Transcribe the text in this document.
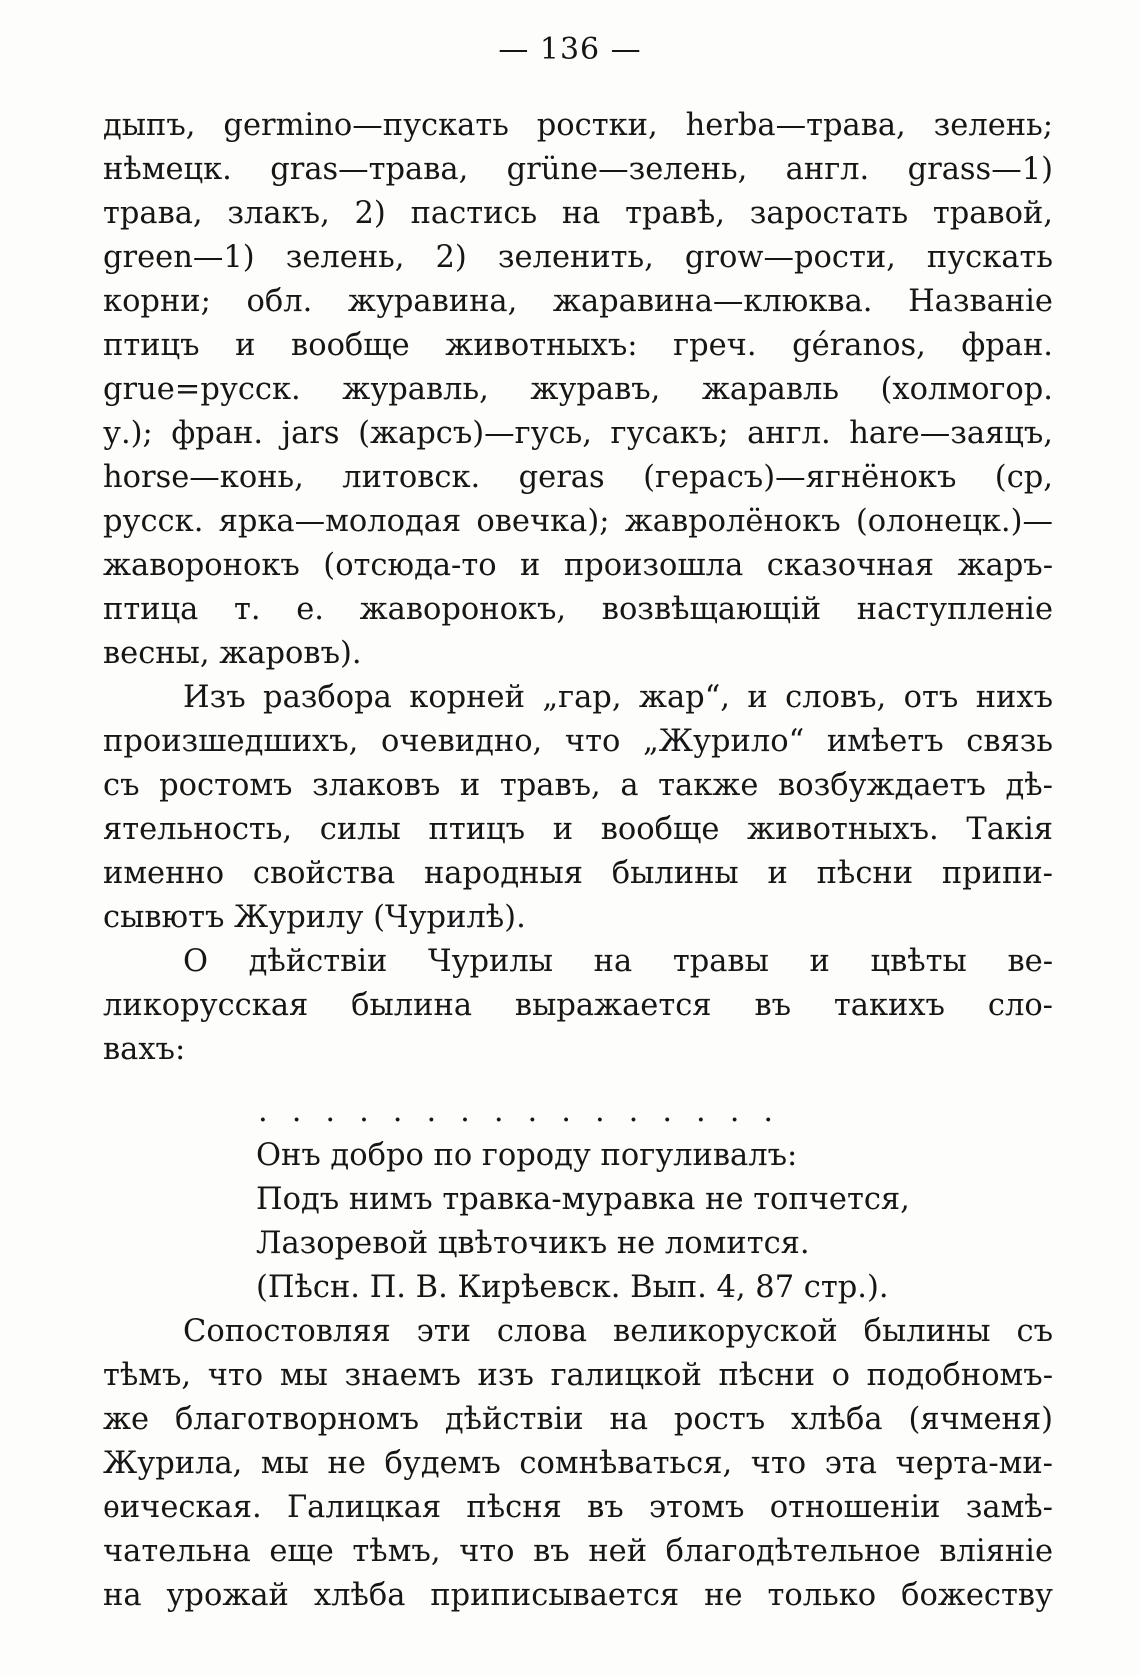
— 136 —
дыпъ, germino—пускать ростки, herba—трава, зелень;
нѣмецк. gras—трава, grüne—зелень, англ. grass—1)
трава, злакъ, 2) пастись на травѣ, заростать травой,
green—1) зелень, 2) зеленить, grow—рости, пускать
корни; обл. журавина, жаравина—клюква. Названіе
птицъ и вообще животныхъ: греч. géranos, фран.
grue=русск. журавль, журавъ, жаравль (холмогор.
у.); фран. jars (жарсъ)—гусь, гусакъ; англ. hare—заяцъ,
horse—конь, литовск. geras (герасъ)—ягнёнокъ (ср,
русск. ярка—молодая овечка); жавролёнокъ (олонецк.)—
жаворонокъ (отсюда-то и произошла сказочная жаръ-
птица т. е. жаворонокъ, возвѣщающій наступленіе
весны, жаровъ).
Изъ разбора корней „гар, жар“, и словъ, отъ нихъ
произшедшихъ, очевидно, что „Журило“ имѣетъ связь
съ ростомъ злаковъ и травъ, а также возбуждаетъ дѣ-
ятельность, силы птицъ и вообще животныхъ. Такія
именно свойства народныя былины и пѣсни припи-
сывютъ Журилу (Чурилѣ).
О дѣйствіи Чурилы на травы и цвѣты ве-
ликорусская былина выражается въ такихъ сло-
вахъ:
................
Онъ добро по городу погуливалъ:
Подъ нимъ травка-муравка не топчется,
Лазоревой цвѣточикъ не ломится.
(Пѣсн. П. В. Кирѣевск. Вып. 4, 87 стр.).
Сопостовляя эти слова великоруской былины съ
тѣмъ, что мы знаемъ изъ галицкой пѣсни о подобномъ-
же благотворномъ дѣйствіи на ростъ хлѣба (ячменя)
Журила, мы не будемъ сомнѣваться, что эта черта-ми-
ѳическая. Галицкая пѣсня въ этомъ отношеніи замѣ-
чательна еще тѣмъ, что въ ней благодѣтельное вліяніе
на урожай хлѣба приписывается не только божеству
